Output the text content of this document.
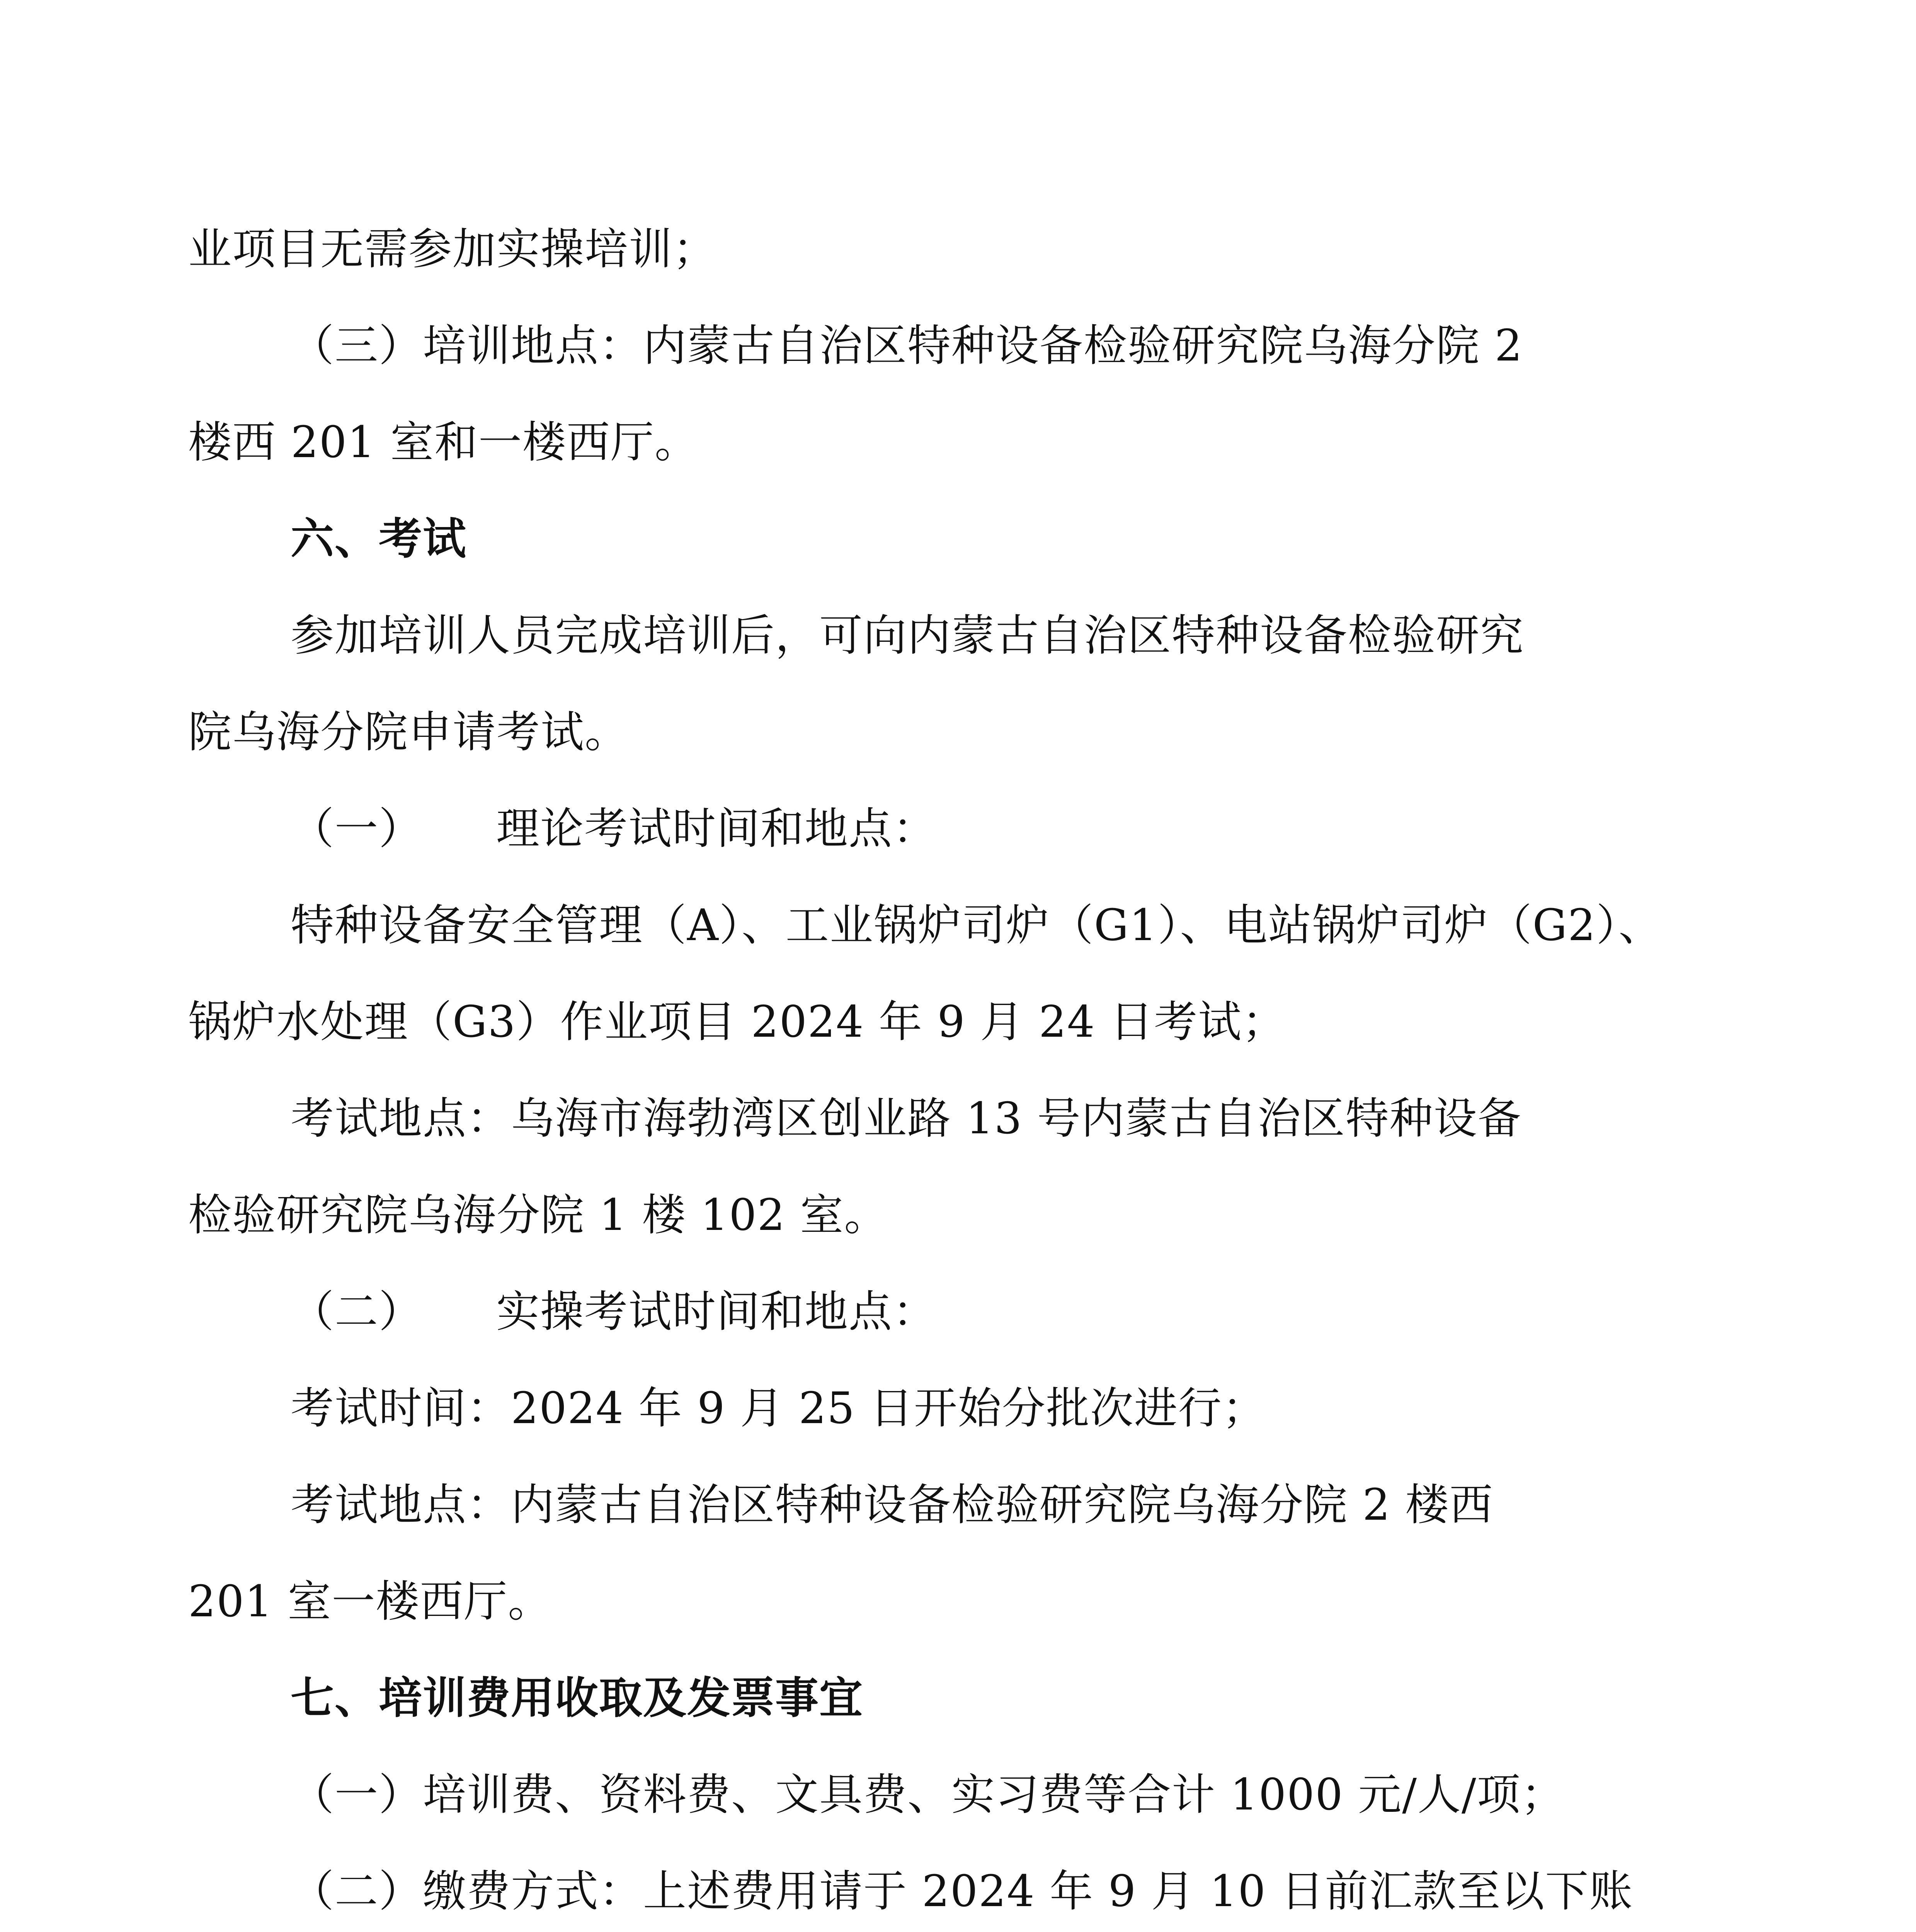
业项目无需参加实操培训；
（三）培训地点：内蒙古自治区特种设备检验研究院乌海分院 2
楼西 201 室和一楼西厅。
六、考试
参加培训人员完成培训后，可向内蒙古自治区特种设备检验研究
院乌海分院申请考试。
（一） 理论考试时间和地点：
特种设备安全管理（A）、工业锅炉司炉（G1）、电站锅炉司炉（G2）、
锅炉水处理（G3）作业项目 2024 年 9 月 24 日考试；
考试地点：乌海市海勃湾区创业路 13 号内蒙古自治区特种设备
检验研究院乌海分院 1 楼 102 室。
（二） 实操考试时间和地点：
考试时间：2024 年 9 月 25 日开始分批次进行；
考试地点：内蒙古自治区特种设备检验研究院乌海分院 2 楼西
201 室一楼西厅。
七、培训费用收取及发票事宜
（一）培训费、资料费、文具费、实习费等合计 1000 元/人/项；
（二）缴费方式：上述费用请于 2024 年 9 月 10 日前汇款至以下账
